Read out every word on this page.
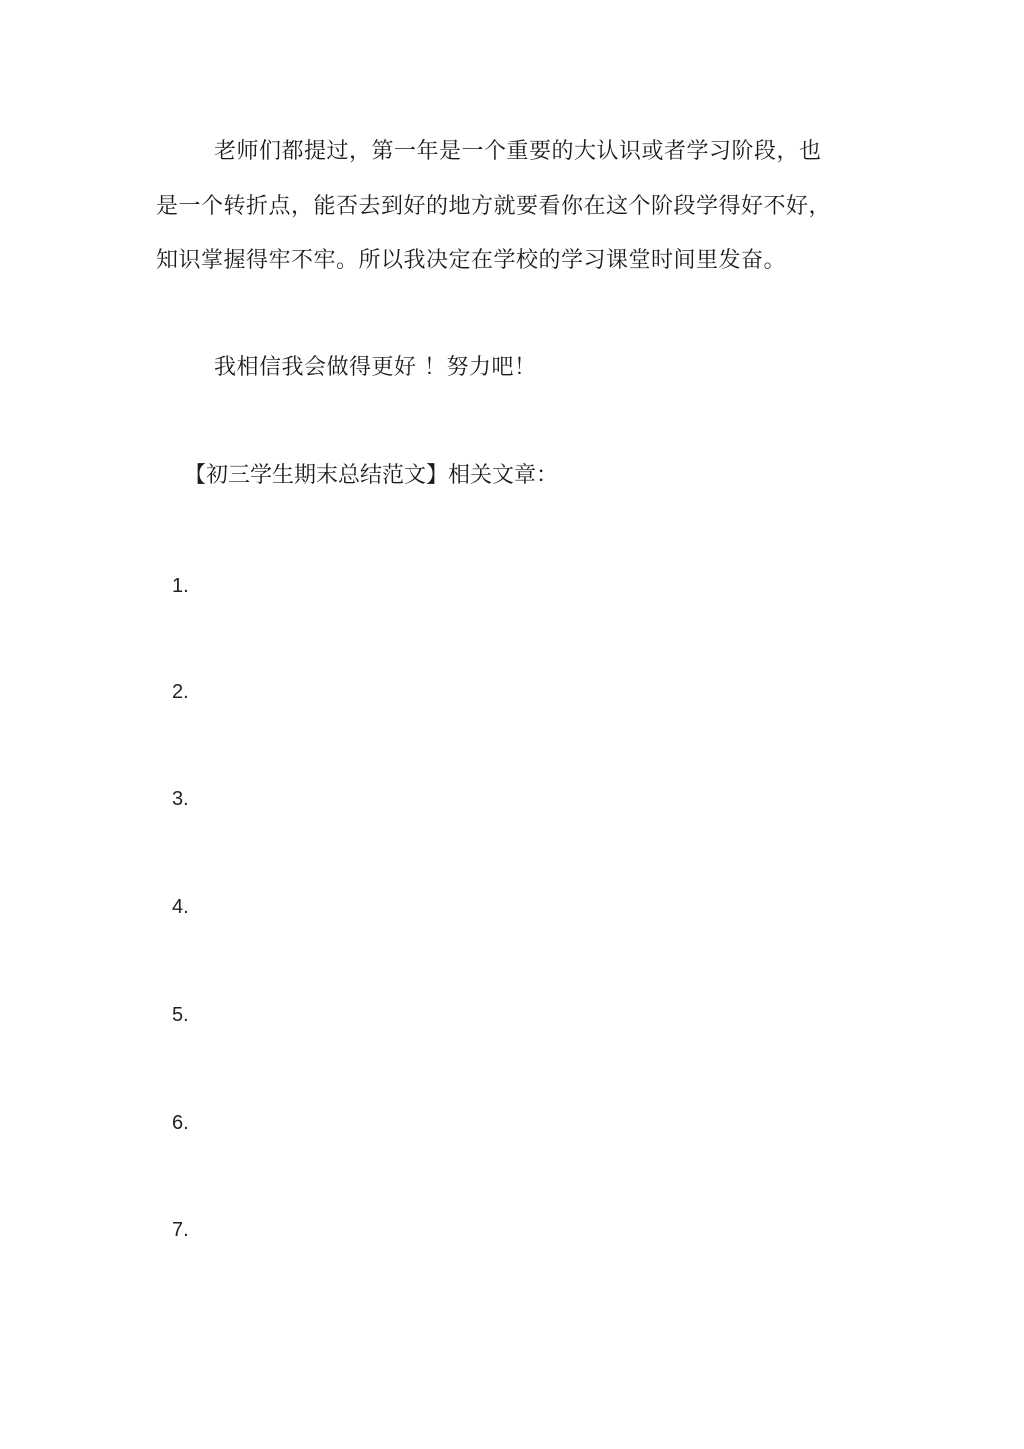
老师们都提过，第一年是一个重要的大认识或者学习阶段，也
是一个转折点，能否去到好的地方就要看你在这个阶段学得好不好，
知识掌握得牢不牢。所以我决定在学校的学习课堂时间里发奋。
我相信我会做得更好 ！努力吧！
【初三学生期末总结范文】相关文章：
1.
2.
3.
4.
5.
6.
7.
